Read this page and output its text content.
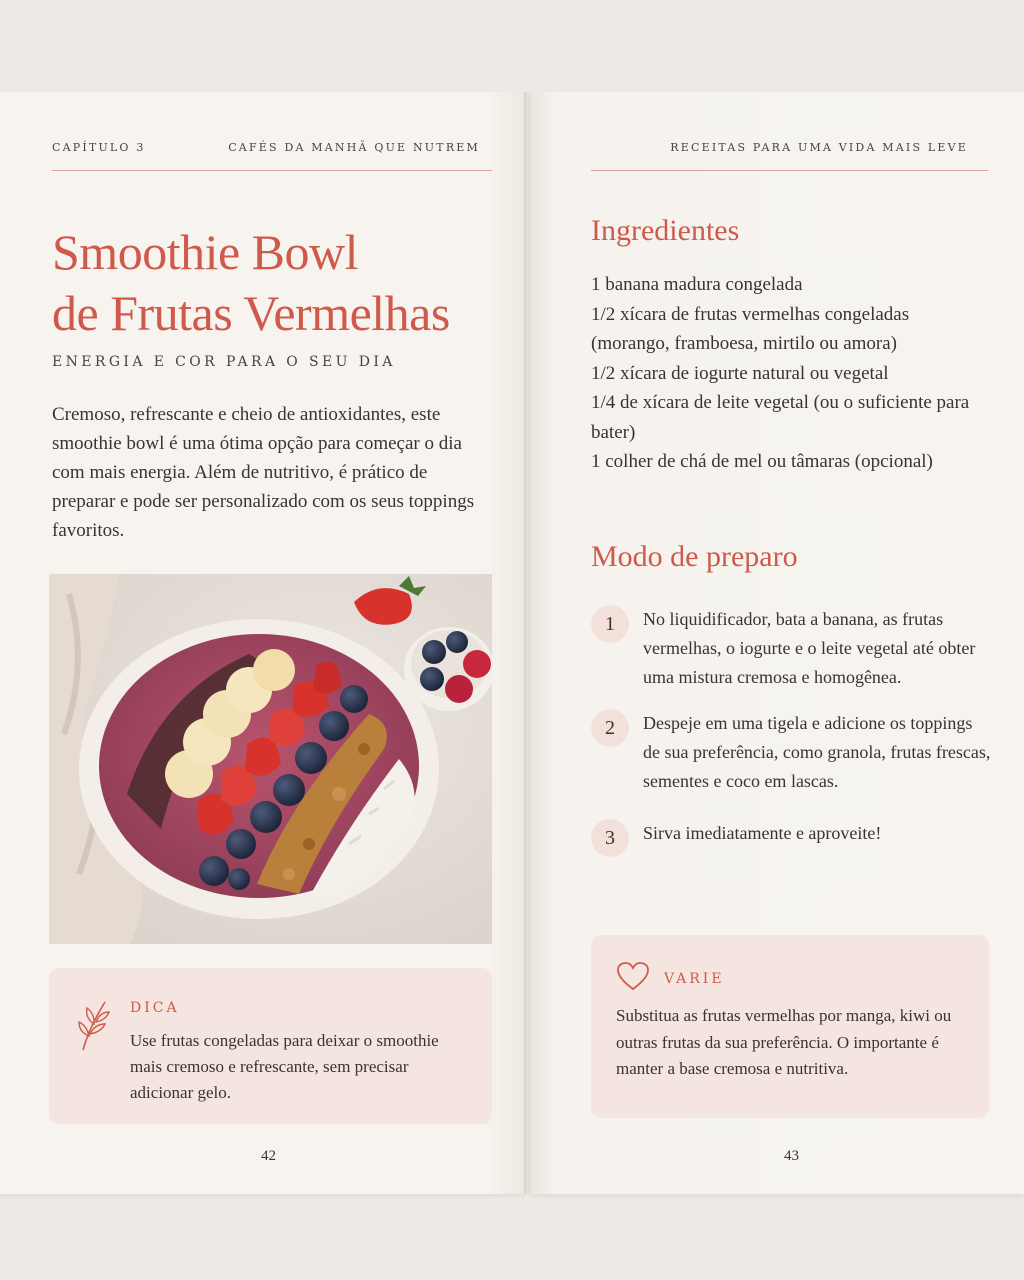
CAPÍTULO 3	CAFÉS DA MANHÃ QUE NUTREM
Smoothie Bowl
de Frutas Vermelhas
ENERGIA E COR PARA O SEU DIA

Cremoso, refrescante e cheio de antioxidantes, este smoothie bowl é uma ótima opção para começar o dia com mais energia. Além de nutritivo, é prático de preparar e pode ser personalizado com os seus toppings favoritos.

DICA

Use frutas congeladas para deixar o smoothie mais cremoso e refrescante, sem precisar adicionar gelo.

42
RECEITAS PARA UMA VIDA MAIS LEVE
Ingredientes
1 banana madura congelada
1/2 xícara de frutas vermelhas congeladas (morango, framboesa, mirtilo ou amora)
1/2 xícara de iogurte natural ou vegetal
1/4 de xícara de leite vegetal (ou o suficiente para bater)
1 colher de chá de mel ou tâmaras (opcional)
Modo de preparo
1	No liquidificador, bata a banana, as frutas vermelhas, o iogurte e o leite vegetal até obter uma mistura cremosa e homogênea.

2	Despeje em uma tigela e adicione os toppings de sua preferência, como granola, frutas frescas, sementes e coco em lascas.

3	Sirva imediatamente e aproveite!

VARIE

Substitua as frutas vermelhas por manga, kiwi ou outras frutas da sua preferência. O importante é manter a base cremosa e nutritiva.

43
